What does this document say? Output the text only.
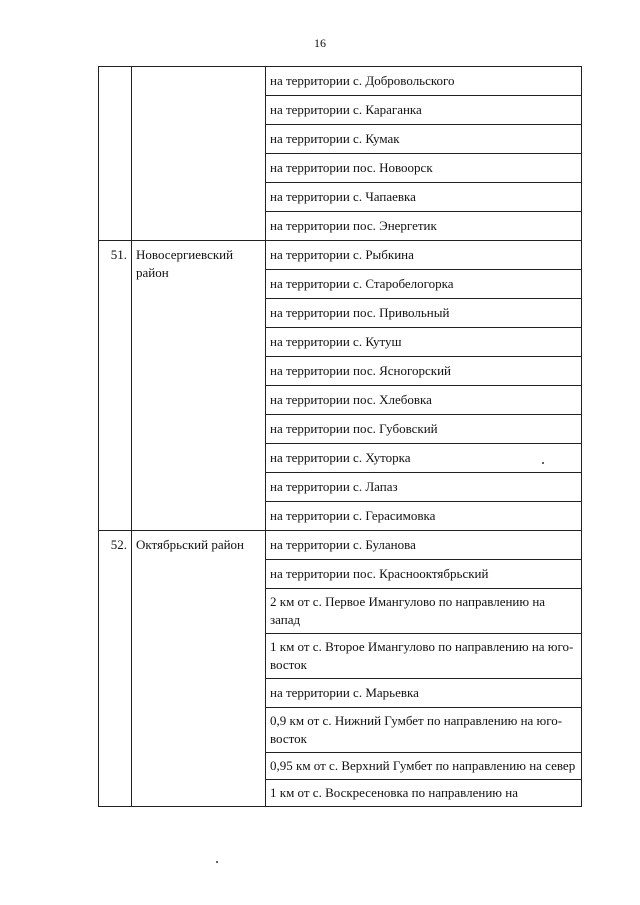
16
		на территории с. Добровольского
		на территории с. Караганка
		на территории с. Кумак
		на территории пос. Новоорск
		на территории с. Чапаевка
		на территории пос. Энергетик
51.	Новосергиевский район	на территории с. Рыбкина
		на территории с. Старобелогорка
		на территории пос. Привольный
		на территории с. Кутуш
		на территории пос. Ясногорский
		на территории пос. Хлебовка
		на территории пос. Губовский
		на территории с. Хуторка
		на территории с. Лапаз
		на территории с. Герасимовка
52.	Октябрьский район	на территории с. Буланова
		на территории пос. Краснооктябрьский
		2 км от с. Первое Имангулово по направлению на запад
		1 км от с. Второе Имангулово по направлению на юго-восток
		на территории с. Марьевка
		0,9 км от с. Нижний Гумбет по направлению на юго-восток
		0,95 км от с. Верхний Гумбет по направлению на север
		1 км от с. Воскресеновка по направлению на
